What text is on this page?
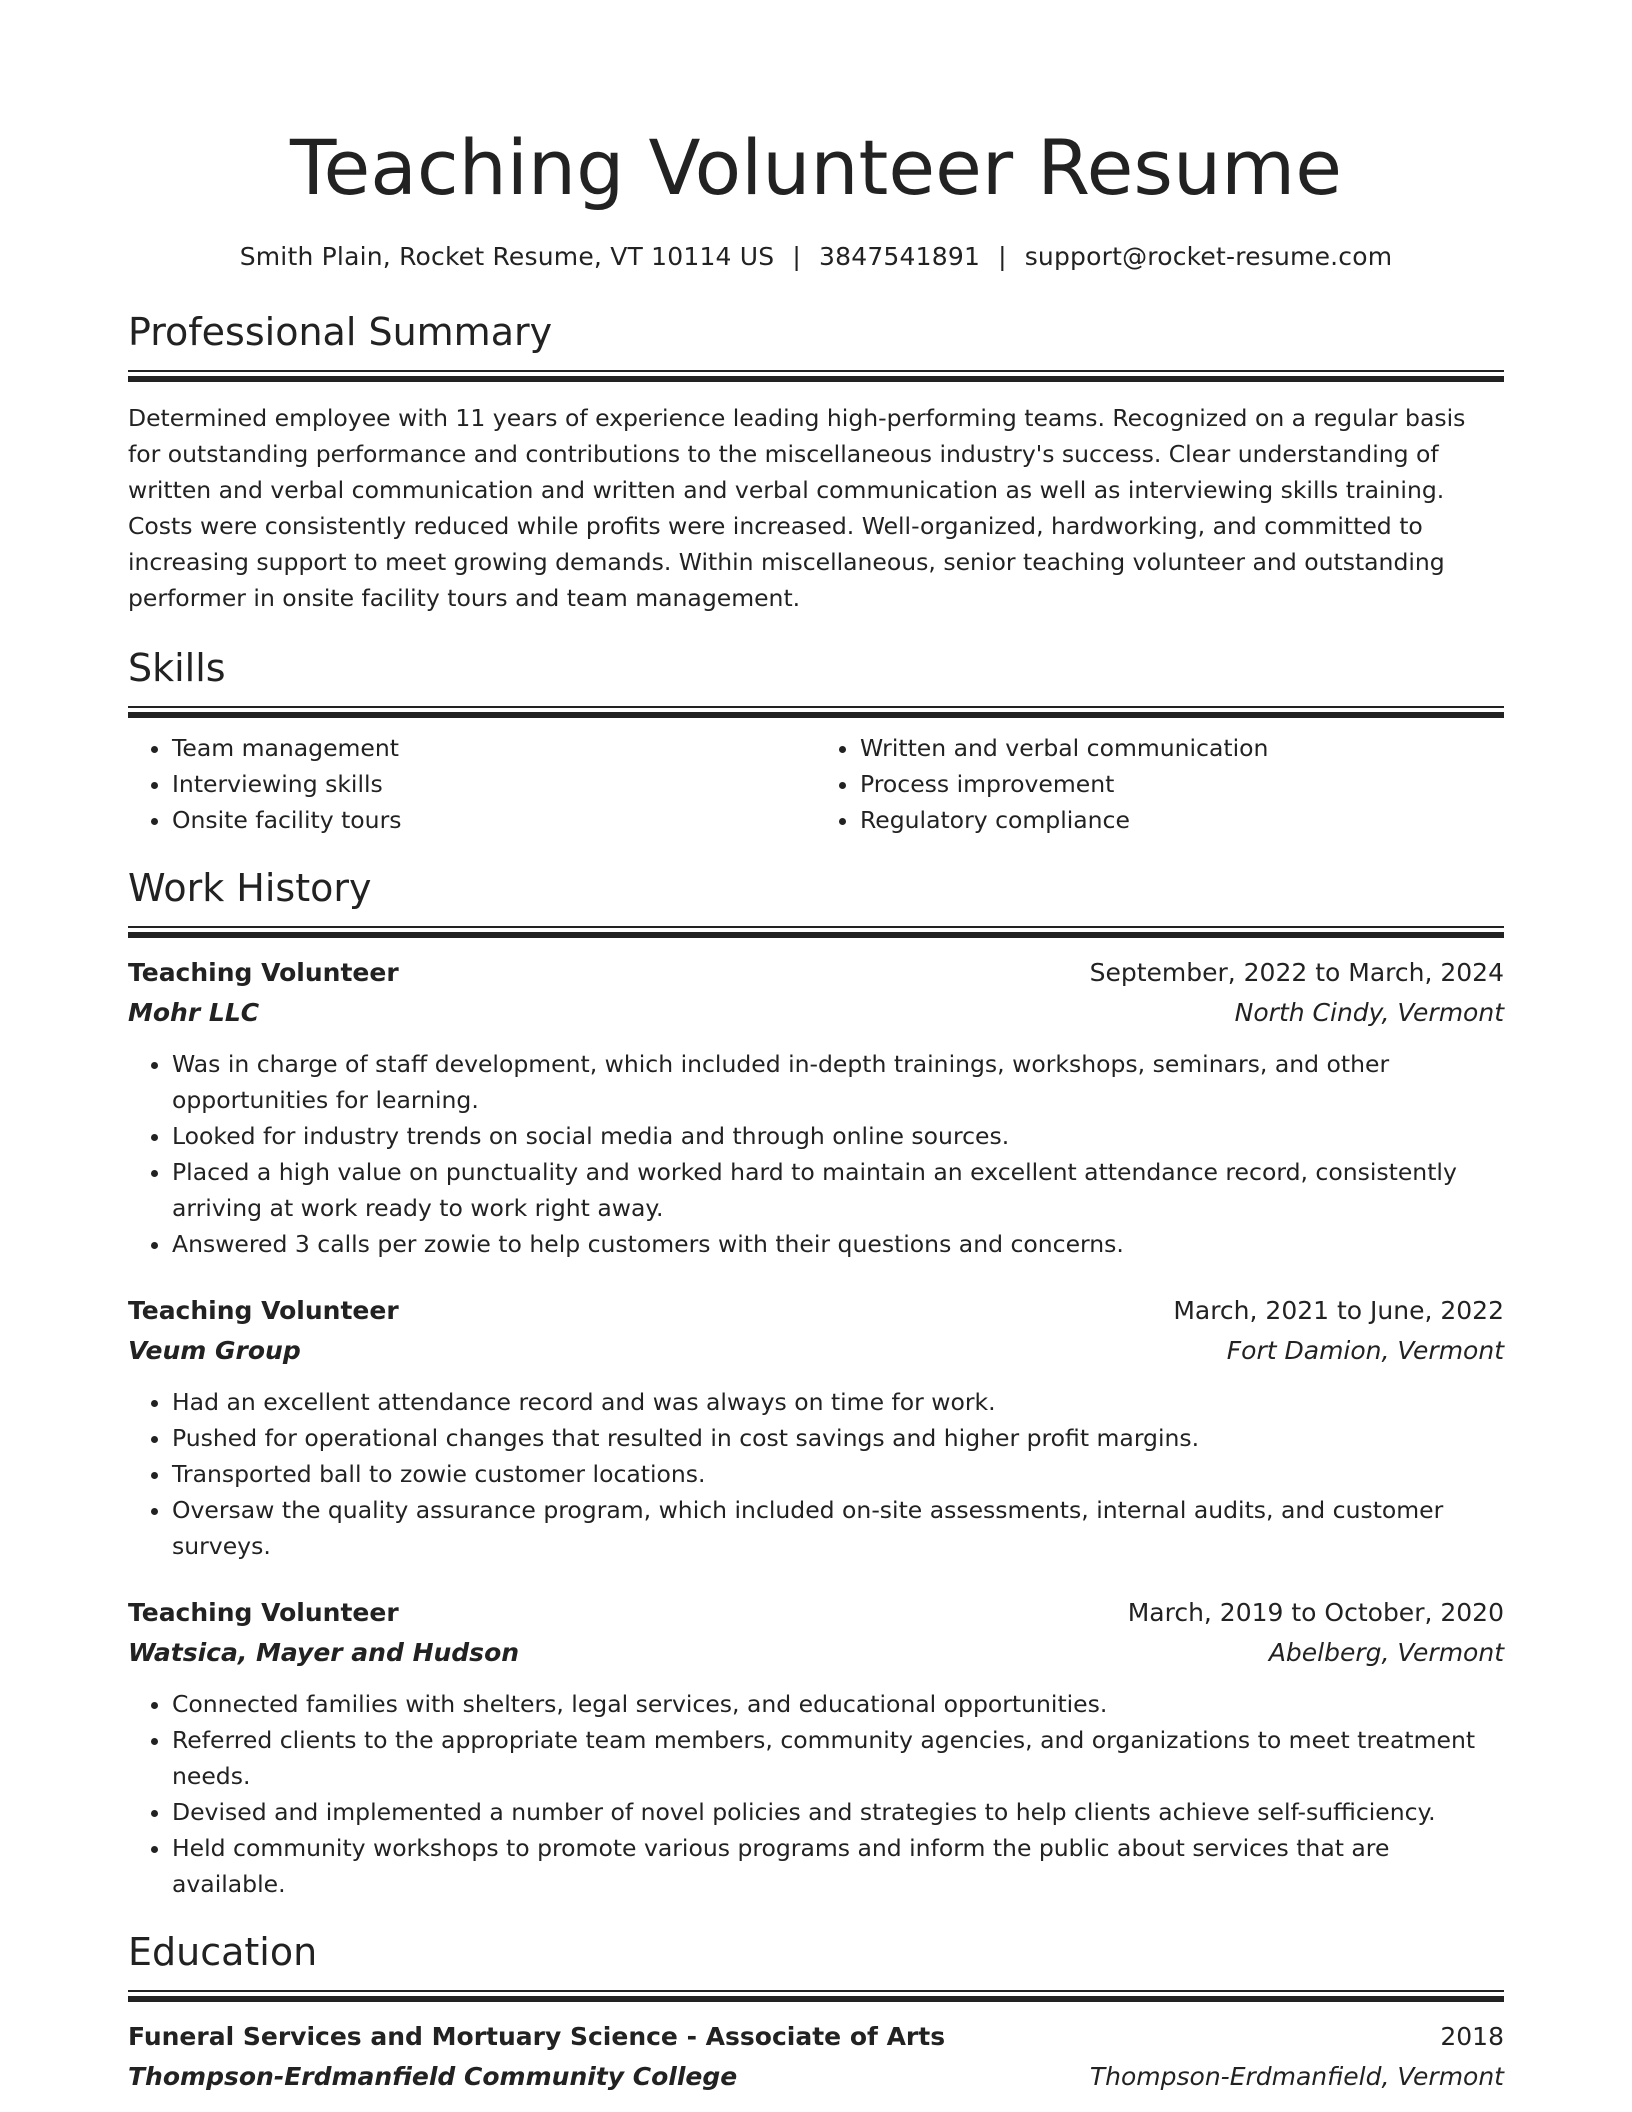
Teaching Volunteer Resume
Smith Plain, Rocket Resume, VT 10114 US | 3847541891 | support@rocket-resume.com
Professional Summary

Determined employee with 11 years of experience leading high-performing teams. Recognized on a regular basis for outstanding performance and contributions to the miscellaneous industry's success. Clear understanding of written and verbal communication and written and verbal communication as well as interviewing skills training. Costs were consistently reduced while profits were increased. Well-organized, hardworking, and committed to increasing support to meet growing demands. Within miscellaneous, senior teaching volunteer and outstanding performer in onsite facility tours and team management.

Skills
• Team management
• Interviewing skills
• Onsite facility tours
• Written and verbal communication
• Process improvement
• Regulatory compliance
Work History
Teaching Volunteer	September, 2022 to March, 2024
Mohr LLC	North Cindy, Vermont
• Was in charge of staff development, which included in-depth trainings, workshops, seminars, and other opportunities for learning.
• Looked for industry trends on social media and through online sources.
• Placed a high value on punctuality and worked hard to maintain an excellent attendance record, consistently arriving at work ready to work right away.
• Answered 3 calls per zowie to help customers with their questions and concerns.
Teaching Volunteer	March, 2021 to June, 2022
Veum Group	Fort Damion, Vermont
• Had an excellent attendance record and was always on time for work.
• Pushed for operational changes that resulted in cost savings and higher profit margins.
• Transported ball to zowie customer locations.
• Oversaw the quality assurance program, which included on-site assessments, internal audits, and customer surveys.
Teaching Volunteer	March, 2019 to October, 2020
Watsica, Mayer and Hudson	Abelberg, Vermont
• Connected families with shelters, legal services, and educational opportunities.
• Referred clients to the appropriate team members, community agencies, and organizations to meet treatment needs.
• Devised and implemented a number of novel policies and strategies to help clients achieve self-sufficiency.
• Held community workshops to promote various programs and inform the public about services that are available.
Education
Funeral Services and Mortuary Science - Associate of Arts	2018
Thompson-Erdmanfield Community College	Thompson-Erdmanfield, Vermont
